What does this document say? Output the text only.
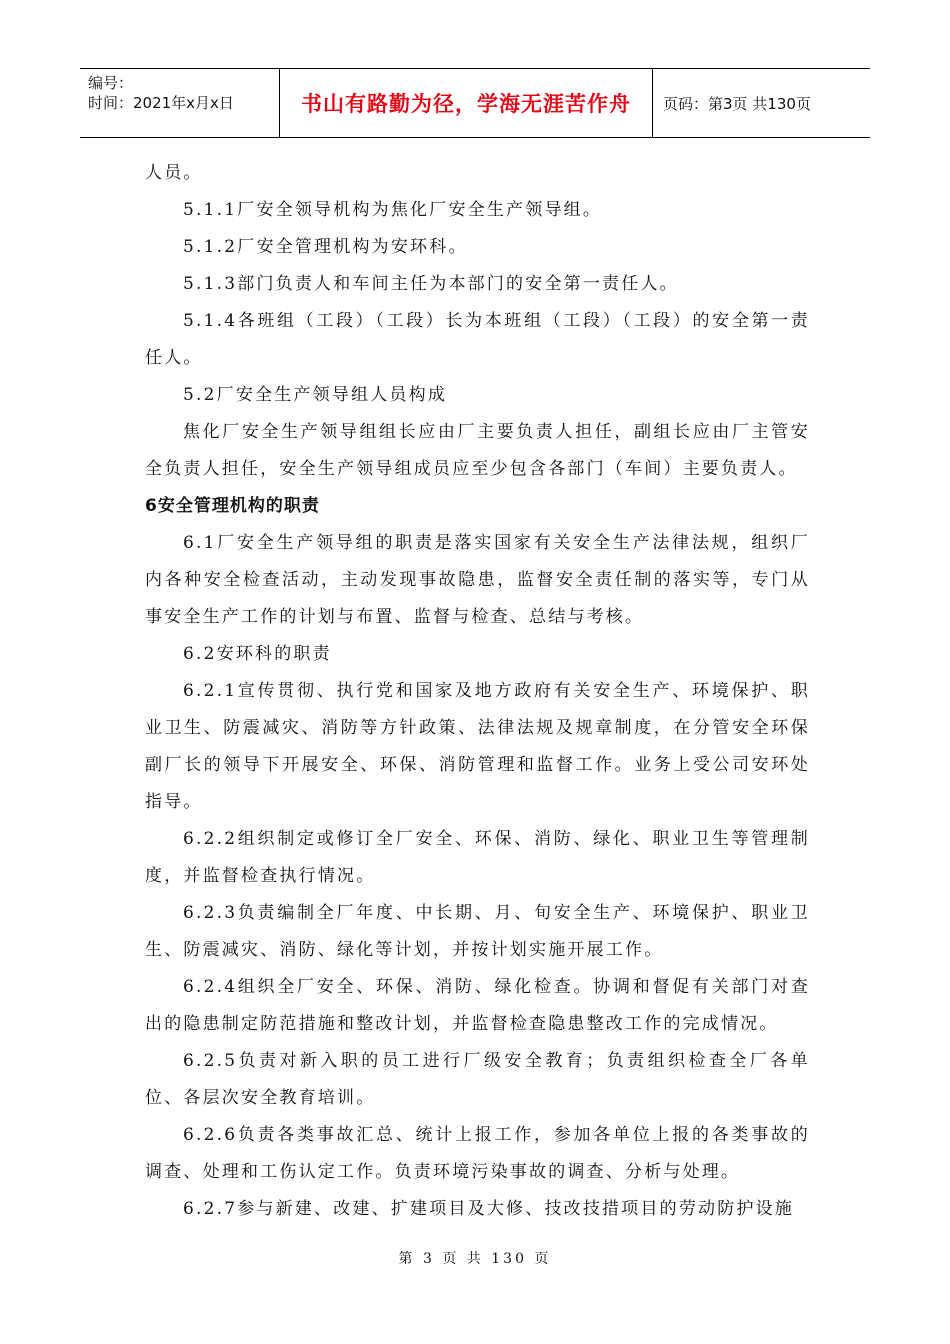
编号：
时间：2021年x月x日	书山有路勤为径，学海无涯苦作舟	页码：第3页 共130页

人员。

5.1.1厂安全领导机构为焦化厂安全生产领导组。

5.1.2厂安全管理机构为安环科。

5.1.3部门负责人和车间主任为本部门的安全第一责任人。

5.1.4各班组（工段）（工段）长为本班组（工段）（工段）的安全第一责任人。

5.2厂安全生产领导组人员构成

焦化厂安全生产领导组组长应由厂主要负责人担任，副组长应由厂主管安全负责人担任，安全生产领导组成员应至少包含各部门（车间）主要负责人。

6安全管理机构的职责

6.1厂安全生产领导组的职责是落实国家有关安全生产法律法规，组织厂内各种安全检查活动，主动发现事故隐患，监督安全责任制的落实等，专门从事安全生产工作的计划与布置、监督与检查、总结与考核。

6.2安环科的职责

6.2.1宣传贯彻、执行党和国家及地方政府有关安全生产、环境保护、职业卫生、防震减灾、消防等方针政策、法律法规及规章制度，在分管安全环保副厂长的领导下开展安全、环保、消防管理和监督工作。业务上受公司安环处指导。

6.2.2组织制定或修订全厂安全、环保、消防、绿化、职业卫生等管理制度，并监督检查执行情况。

6.2.3负责编制全厂年度、中长期、月、旬安全生产、环境保护、职业卫生、防震减灾、消防、绿化等计划，并按计划实施开展工作。

6.2.4组织全厂安全、环保、消防、绿化检查。协调和督促有关部门对查出的隐患制定防范措施和整改计划，并监督检查隐患整改工作的完成情况。

6.2.5负责对新入职的员工进行厂级安全教育；负责组织检查全厂各单位、各层次安全教育培训。

6.2.6负责各类事故汇总、统计上报工作，参加各单位上报的各类事故的调查、处理和工伤认定工作。负责环境污染事故的调查、分析与处理。

6.2.7参与新建、改建、扩建项目及大修、技改技措项目的劳动防护设施

第 3 页 共 130 页
